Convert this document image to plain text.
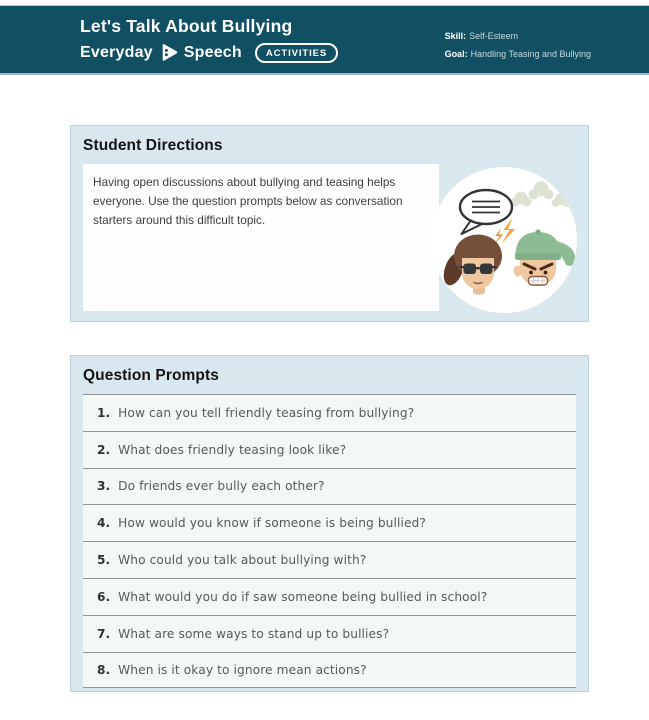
Let's Talk About Bullying
Everyday Speech	ACTIVITIES
Skill: Self-Esteem
Goal: Handling Teasing and Bullying
Student Directions

Having open discussions about bullying and teasing helps everyone. Use the question prompts below as conversation starters around this difficult topic.

Question Prompts
1. How can you tell friendly teasing from bullying?
2. What does friendly teasing look like?
3. Do friends ever bully each other?
4. How would you know if someone is being bullied?
5. Who could you talk about bullying with?
6. What would you do if saw someone being bullied in school?
7. What are some ways to stand up to bullies?
8. When is it okay to ignore mean actions?
